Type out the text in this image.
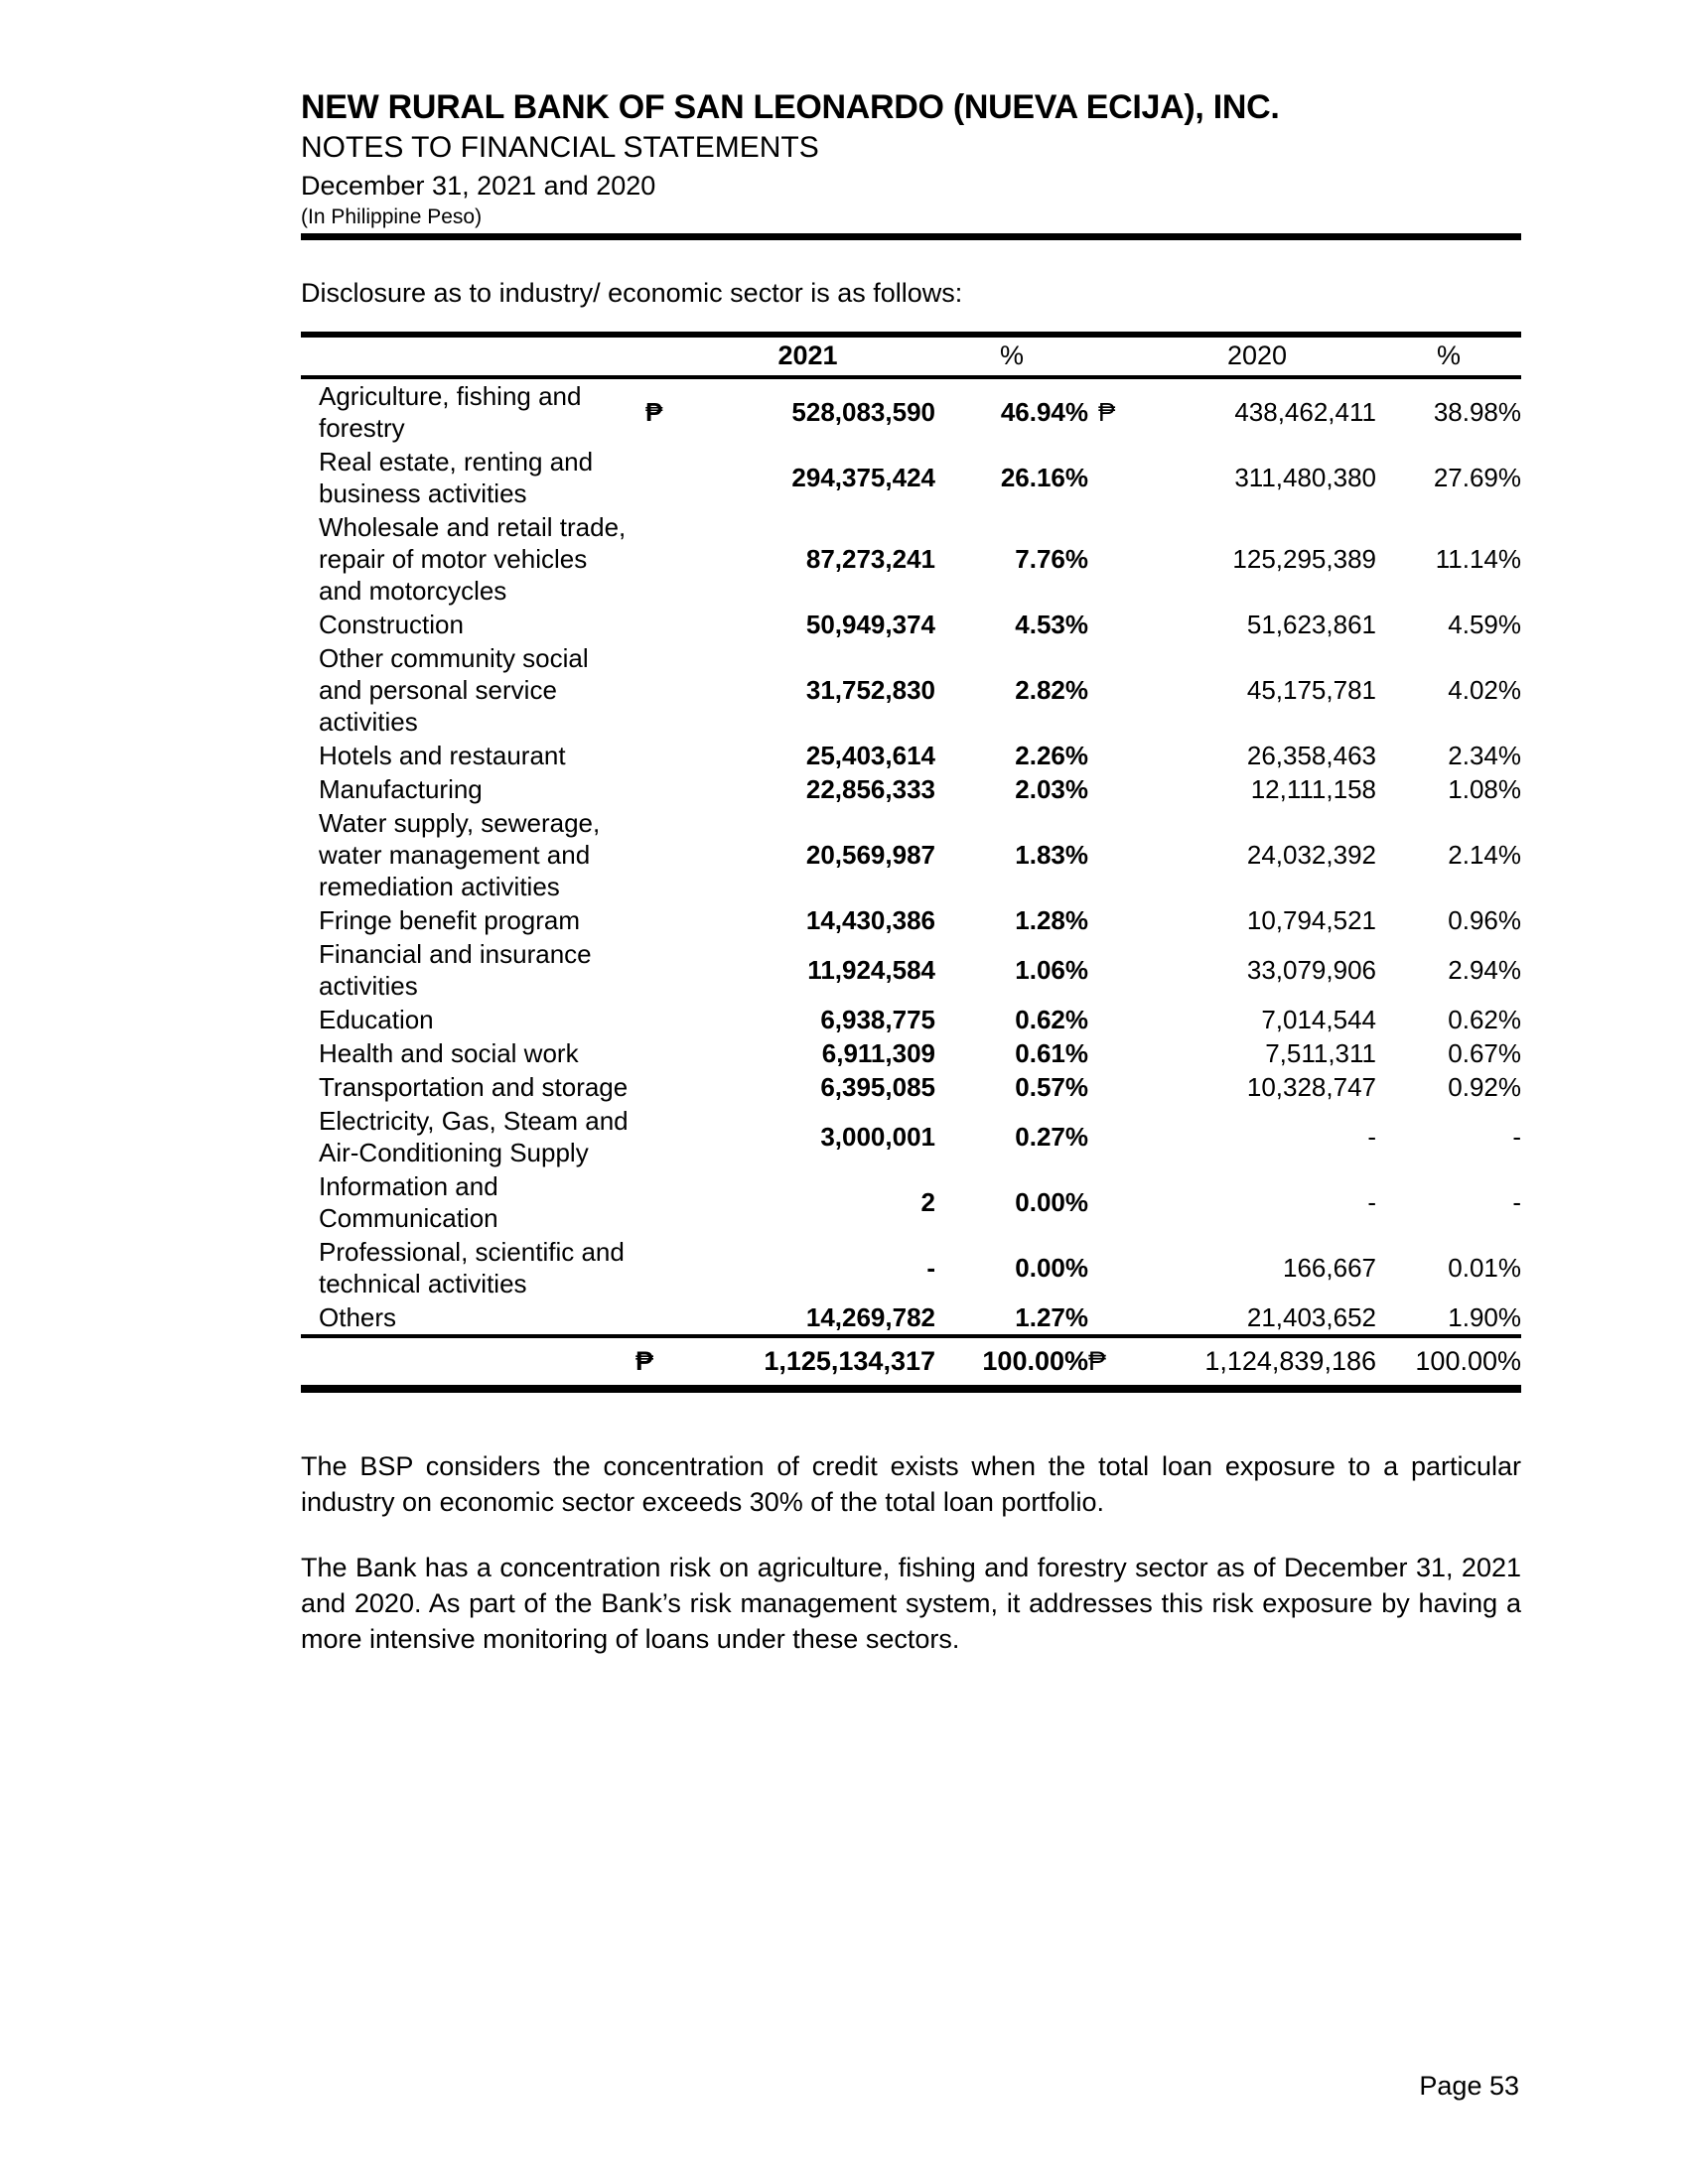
NEW RURAL BANK OF SAN LEONARDO (NUEVA ECIJA), INC.
NOTES TO FINANCIAL STATEMENTS
December 31, 2021 and 2020
(In Philippine Peso)
Disclosure as to industry/ economic sector is as follows:
		2021	%		2020	%
Agriculture, fishing and forestry	₱	528,083,590	46.94%	₱	438,462,411	38.98%
Real estate, renting and business activities		294,375,424	26.16%		311,480,380	27.69%
Wholesale and retail trade, repair of motor vehicles and motorcycles		87,273,241	7.76%		125,295,389	11.14%
Construction		50,949,374	4.53%		51,623,861	4.59%
Other community social and personal service activities		31,752,830	2.82%		45,175,781	4.02%
Hotels and restaurant		25,403,614	2.26%		26,358,463	2.34%
Manufacturing		22,856,333	2.03%		12,111,158	1.08%
Water supply, sewerage, water management and remediation activities		20,569,987	1.83%		24,032,392	2.14%
Fringe benefit program		14,430,386	1.28%		10,794,521	0.96%
Financial and insurance activities		11,924,584	1.06%		33,079,906	2.94%
Education		6,938,775	0.62%		7,014,544	0.62%
Health and social work		6,911,309	0.61%		7,511,311	0.67%
Transportation and storage		6,395,085	0.57%		10,328,747	0.92%
Electricity, Gas, Steam and Air-Conditioning Supply		3,000,001	0.27%		-	-
Information and Communication		2	0.00%		-	-
Professional, scientific and technical activities		-	0.00%		166,667	0.01%
Others		14,269,782	1.27%		21,403,652	1.90%
	₱	1,125,134,317	100.00%	₱	1,124,839,186	100.00%
The BSP considers the concentration of credit exists when the total loan exposure to a particular industry on economic sector exceeds 30% of the total loan portfolio.
The Bank has a concentration risk on agriculture, fishing and forestry sector as of December 31, 2021 and 2020. As part of the Bank’s risk management system, it addresses this risk exposure by having a more intensive monitoring of loans under these sectors.
Page 53
